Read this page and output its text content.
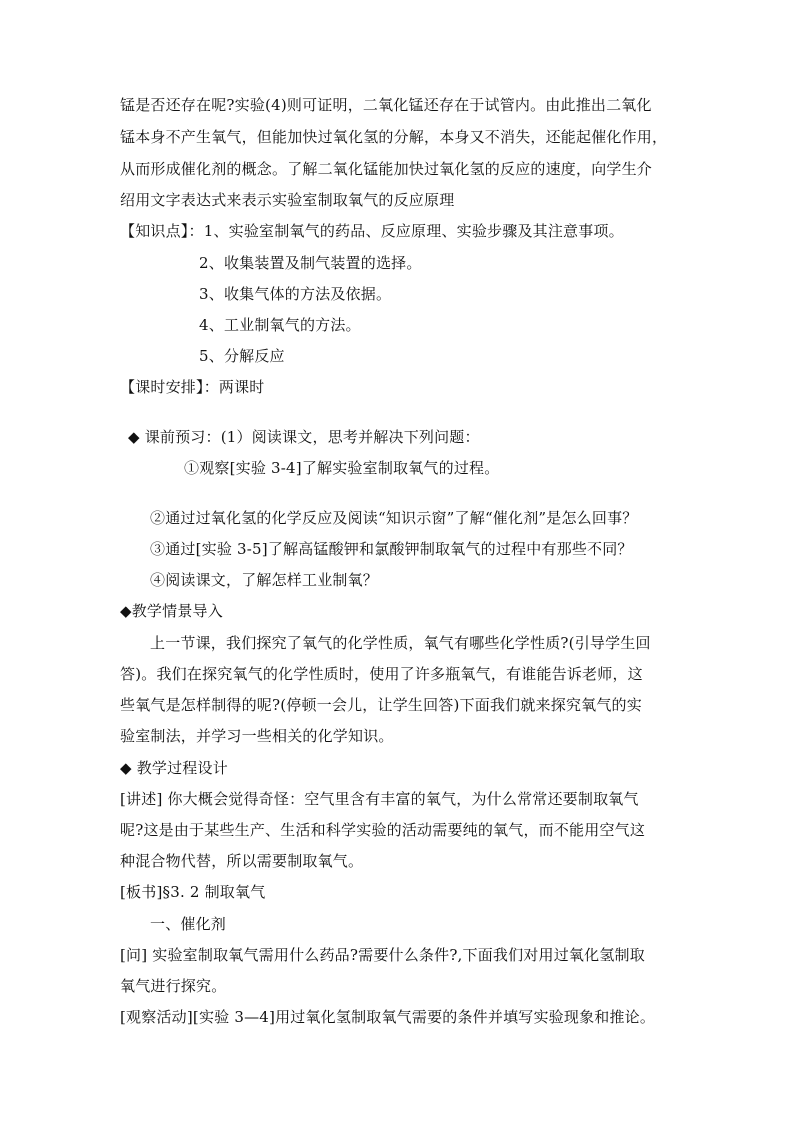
锰是否还存在呢?实验(4)则可证明，二氧化锰还存在于试管内。由此推出二氧化
锰本身不产生氧气，但能加快过氧化氢的分解，本身又不消失，还能起催化作用，
从而形成催化剂的概念。了解二氧化锰能加快过氧化氢的反应的速度，向学生介
绍用文字表达式来表示实验室制取氧气的反应原理
【知识点】：1、实验室制氧气的药品、反应原理、实验步骤及其注意事项。
2、收集装置及制气装置的选择。
3、收集气体的方法及依据。
4、工业制氧气的方法。
5、分解反应
【课时安排】：两课时
◆ 课前预习：(1）阅读课文，思考并解决下列问题：
①观察[实验 3-4]了解实验室制取氧气的过程。
②通过过氧化氢的化学反应及阅读“知识示窗”了解“催化剂”是怎么回事？
③通过[实验 3-5]了解高锰酸钾和氯酸钾制取氧气的过程中有那些不同？
④阅读课文，了解怎样工业制氧？
◆教学情景导入
上一节课，我们探究了氧气的化学性质，氧气有哪些化学性质?(引导学生回
答)。我们在探究氧气的化学性质时，使用了许多瓶氧气，有谁能告诉老师，这
些氧气是怎样制得的呢?(停顿一会儿，让学生回答)下面我们就来探究氧气的实
验室制法，并学习一些相关的化学知识。
◆ 教学过程设计
[讲述] 你大概会觉得奇怪：空气里含有丰富的氧气，为什么常常还要制取氧气
呢?这是由于某些生产、生活和科学实验的活动需要纯的氧气，而不能用空气这
种混合物代替，所以需要制取氧气。
[板书]§3. 2 制取氧气
一、催化剂
[问] 实验室制取氧气需用什么药品?需要什么条件?,下面我们对用过氧化氢制取
氧气进行探究。
[观察活动][实验 3—4]用过氧化氢制取氧气需要的条件并填写实验现象和推论。
